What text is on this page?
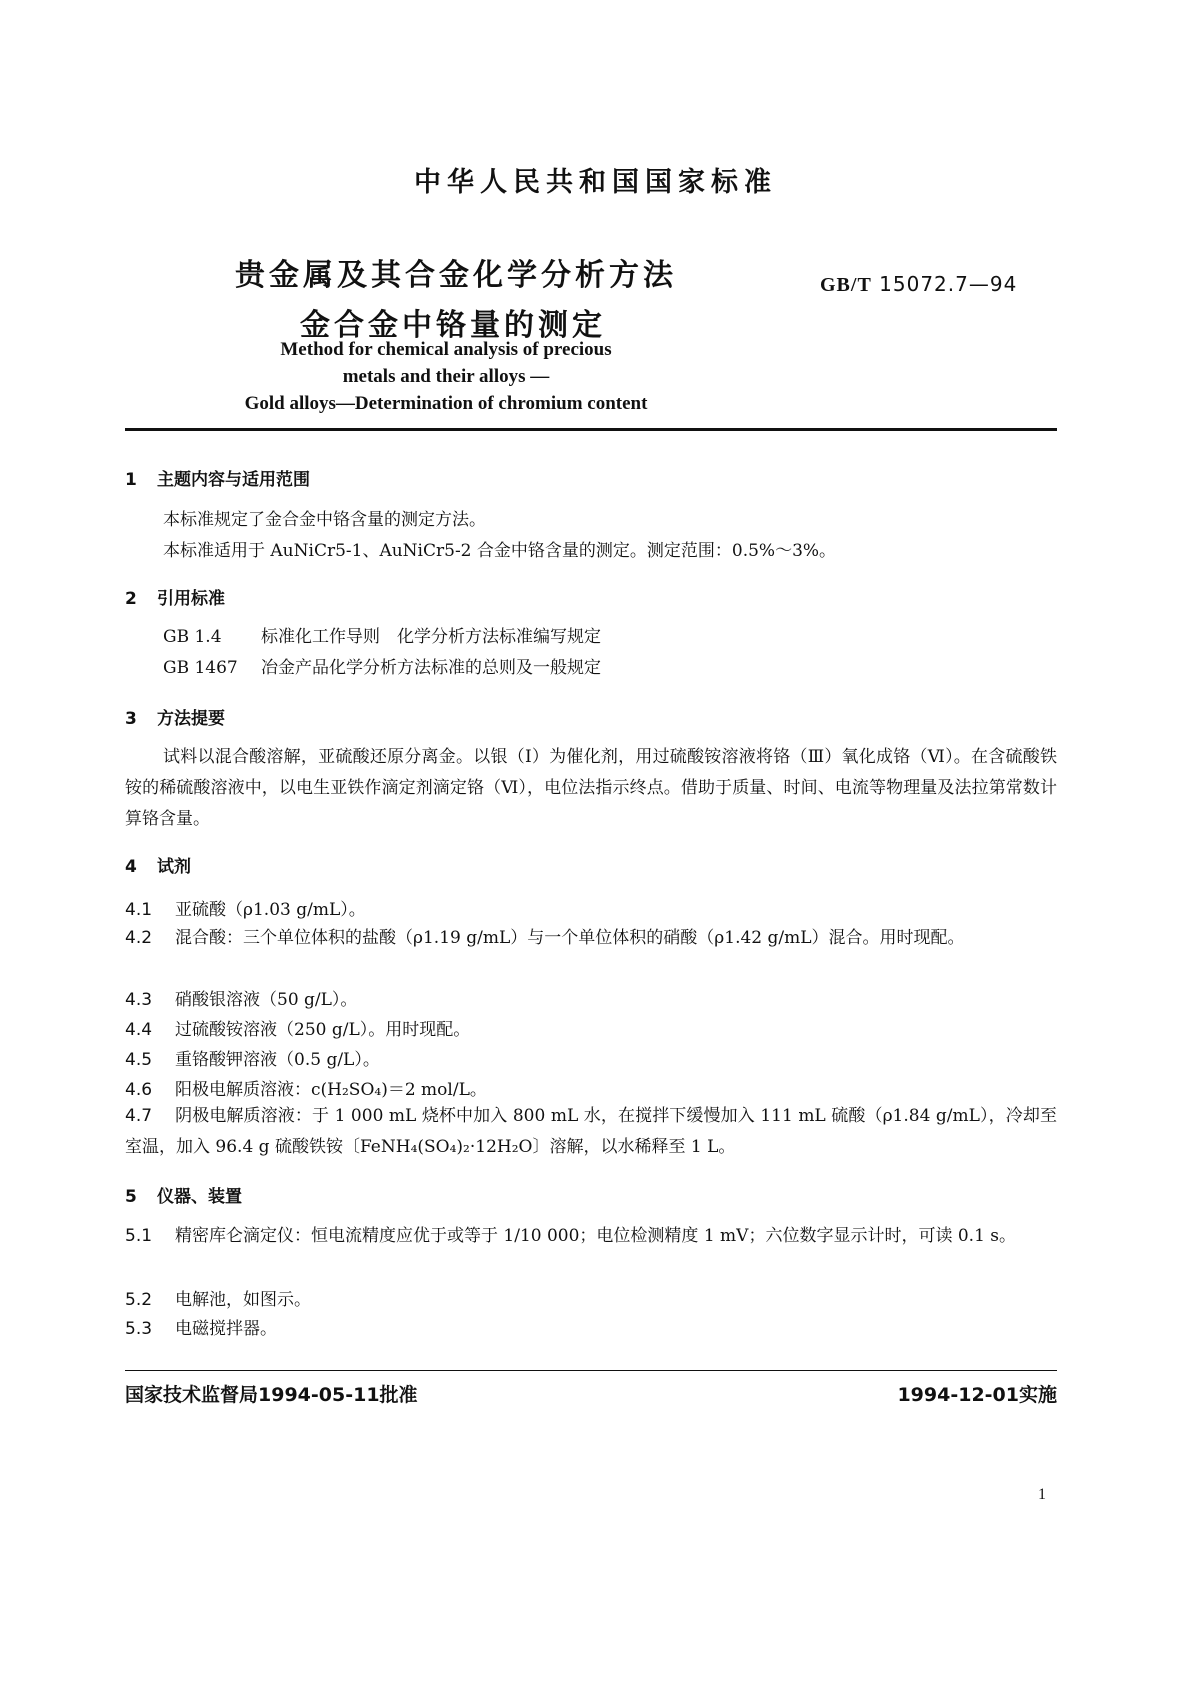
中华人民共和国国家标准
贵金属及其合金化学分析方法
金合金中铬量的测定
GB/T 15072.7—94
Method for chemical analysis of precious
metals and their alloys —
Gold alloys—Determination of chromium content
1 主题内容与适用范围
本标准规定了金合金中铬含量的测定方法。
本标准适用于 AuNiCr5-1、AuNiCr5-2 合金中铬含量的测定。测定范围：0.5%～3%。
2 引用标准
GB 1.4 标准化工作导则　化学分析方法标准编写规定
GB 1467 冶金产品化学分析方法标准的总则及一般规定
3 方法提要
试料以混合酸溶解，亚硫酸还原分离金。以银（Ⅰ）为催化剂，用过硫酸铵溶液将铬（Ⅲ）氧化成铬（Ⅵ）。在含硫酸铁铵的稀硫酸溶液中，以电生亚铁作滴定剂滴定铬（Ⅵ），电位法指示终点。借助于质量、时间、电流等物理量及法拉第常数计算铬含量。
4 试剂
4.1 亚硫酸（ρ1.03 g/mL）。
4.2 混合酸：三个单位体积的盐酸（ρ1.19 g/mL）与一个单位体积的硝酸（ρ1.42 g/mL）混合。用时现配。
4.3 硝酸银溶液（50 g/L）。
4.4 过硫酸铵溶液（250 g/L）。用时现配。
4.5 重铬酸钾溶液（0.5 g/L）。
4.6 阳极电解质溶液：c(H₂SO₄)＝2 mol/L。
4.7 阴极电解质溶液：于 1 000 mL 烧杯中加入 800 mL 水，在搅拌下缓慢加入 111 mL 硫酸（ρ1.84 g/mL），冷却至室温，加入 96.4 g 硫酸铁铵〔FeNH₄(SO₄)₂·12H₂O〕溶解，以水稀释至 1 L。
5 仪器、装置
5.1 精密库仑滴定仪：恒电流精度应优于或等于 1/10 000；电位检测精度 1 mV；六位数字显示计时，可读 0.1 s。
5.2 电解池，如图示。
5.3 电磁搅拌器。
国家技术监督局1994-05-11批准	1994-12-01实施
1
